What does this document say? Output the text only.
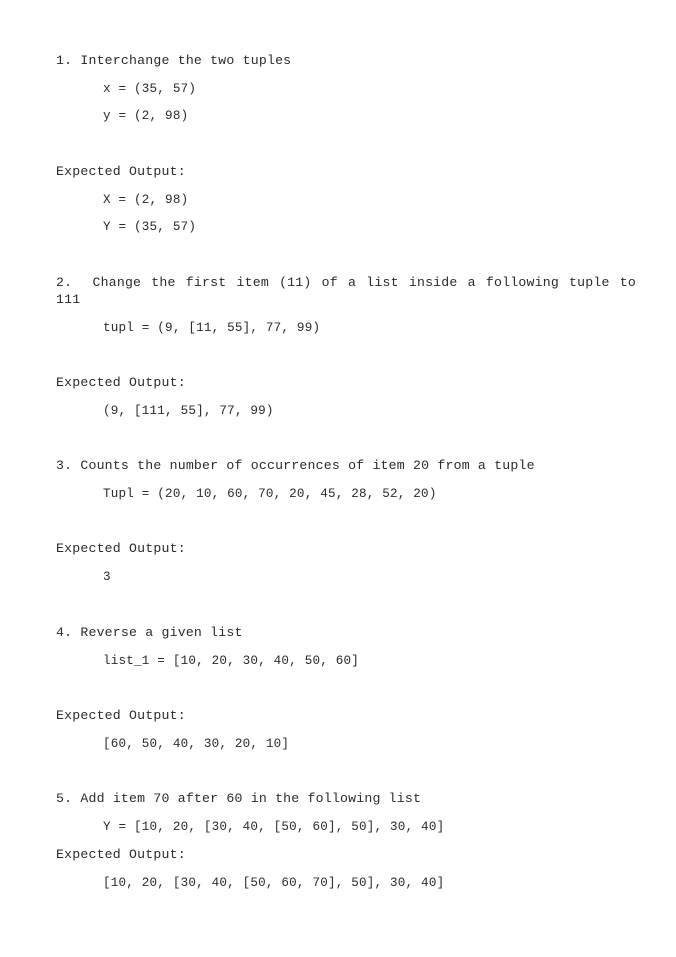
1. Interchange the two tuples
x = (35, 57)
y = (2, 98)
Expected Output:
X = (2, 98)
Y = (35, 57)
2.  Change the first item (11) of a list inside a following tuple to
111
tupl = (9, [11, 55], 77, 99)
Expected Output:
(9, [111, 55], 77, 99)
3. Counts the number of occurrences of item 20 from a tuple
Tupl = (20, 10, 60, 70, 20, 45, 28, 52, 20)
Expected Output:
3
4. Reverse a given list
list_1 = [10, 20, 30, 40, 50, 60]
Expected Output:
[60, 50, 40, 30, 20, 10]
5. Add item 70 after 60 in the following list
Y = [10, 20, [30, 40, [50, 60], 50], 30, 40]
Expected Output:
[10, 20, [30, 40, [50, 60, 70], 50], 30, 40]
